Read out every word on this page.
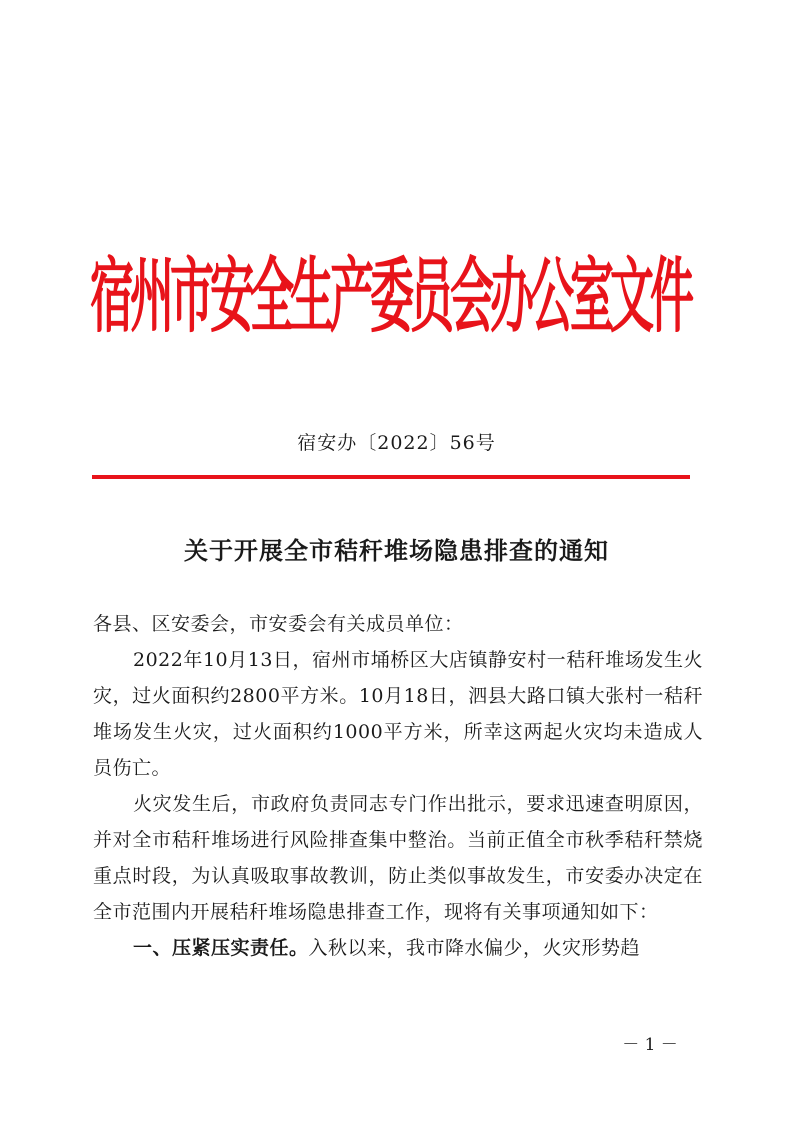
宿州市安全生产委员会办公室文件
宿安办〔2022〕56号
关于开展全市秸秆堆场隐患排查的通知

各县、区安委会，市安委会有关成员单位：

2022年10月13日，宿州市埇桥区大店镇静安村一秸秆堆场发生火灾，过火面积约2800平方米。10月18日，泗县大路口镇大张村一秸秆堆场发生火灾，过火面积约1000平方米，所幸这两起火灾均未造成人员伤亡。

火灾发生后，市政府负责同志专门作出批示，要求迅速查明原因，并对全市秸秆堆场进行风险排查集中整治。当前正值全市秋季秸秆禁烧重点时段，为认真吸取事故教训，防止类似事故发生，市安委办决定在全市范围内开展秸秆堆场隐患排查工作，现将有关事项通知如下：

一、压紧压实责任。入秋以来，我市降水偏少，火灾形势趋

－ 1 －
